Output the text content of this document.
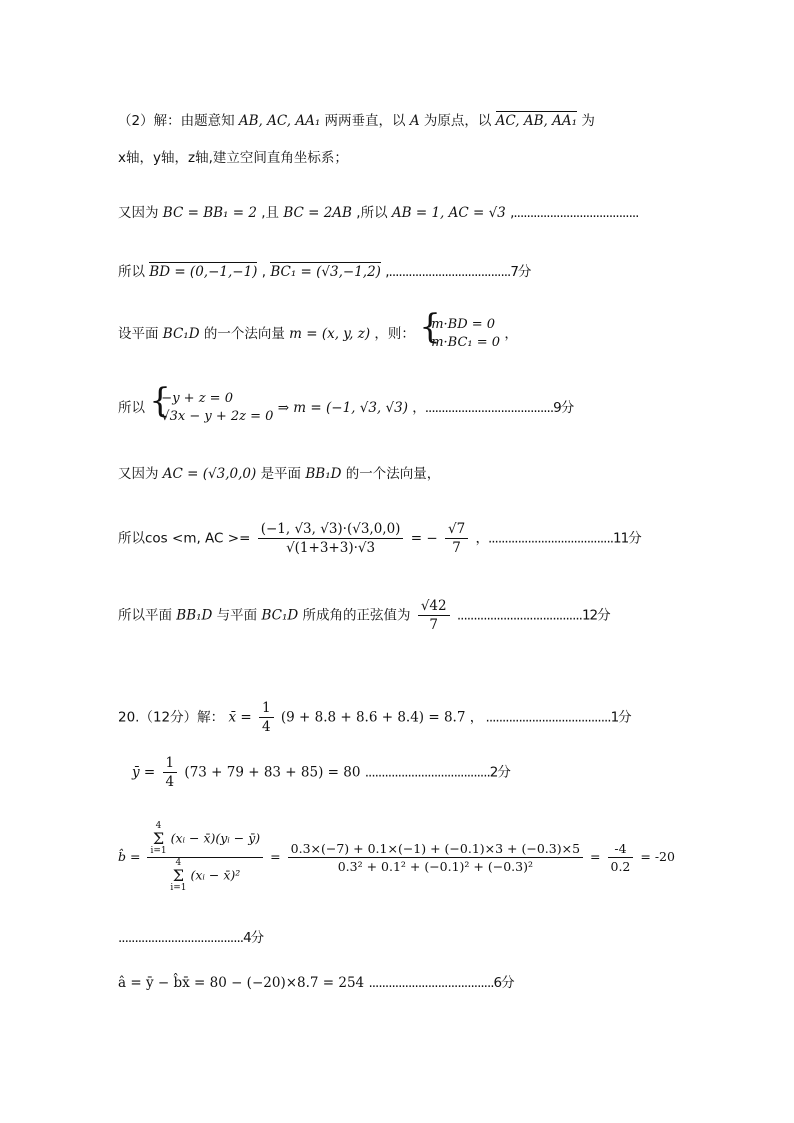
（2）解：由题意知 AB, AC, AA₁ 两两垂直，以 A 为原点，以 AC, AB, AA₁ 为
x轴，y轴，z轴,建立空间直角坐标系；
又因为 BC = BB₁ = 2 ,且 BC = 2AB ,所以 AB = 1, AC = √3 ,......................................
所以 BD = (0,−1,−1) , BC₁ = (√3,−1,2) ,.....................................7分
设平面 BC₁D 的一个法向量 m = (x, y, z) ，则： {
m·BD = 0
m·BC₁ = 0
，
所以 {
−y + z = 0
√3x − y + 2z = 0
⇒ m = (−1, √3, √3) ，.......................................9分
又因为 AC = (√3,0,0) 是平面 BB₁D 的一个法向量，
所以cos <m, AC >= $\frac{(-1, √3, √3)\cdot(√3,0,0)}{√(1+3+3)\cdot√3}$ = − $\frac{√7}{7}$ ，......................................11分
所以平面 BB₁D 与平面 BC₁D 所成角的正弦值为 $\frac{√42}{7} ......................................12$分
20.（12分）解： x̄ = $\frac{1}{4} (9 + 8.8 + 8.6 + 8.4) = 8.7$ ， ......................................1分
ȳ = $\frac{1}{4} (73 + 79 + 83 + 85) = 80$ ......................................2分
b̂ = 4
Σ
i=1
(xᵢ − x̄)(yᵢ − ȳ)
4
Σ
i=1
(xᵢ − x̄)² = $\frac{0.3\times(-7) + 0.1\times(-1) + (-0.1)\times 3 + (-0.3)\times 5}{\text{0.3² + 0.1² + (−0.1)² + (−0.3)²}} = \frac{-4}{0.2} = -20$
......................................4分
â = ȳ − b̂x̄ = 80 − (−20)×8.7 = 254 ......................................6分
